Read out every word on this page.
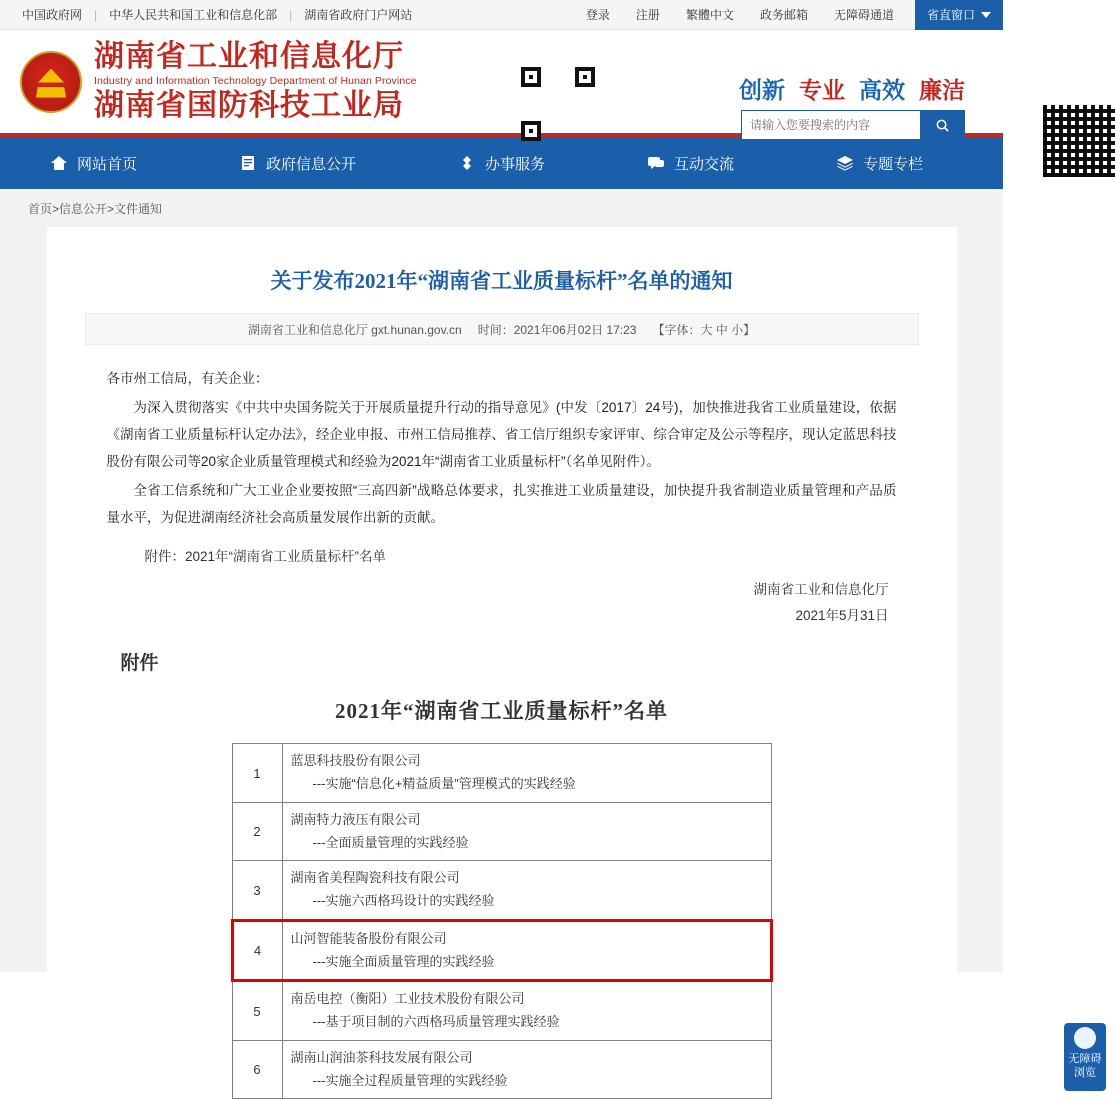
中国政府网	|	中华人民共和国工业和信息化部	|	湖南省政府门户网站	登录	注册	繁體中文	政务邮箱	无障碍通道	省直窗口
湖南省工业和信息化厅
Industry and Information Technology Department of Hunan Province
湖南省国防科技工业局	创新 专业 高效 廉洁
请输入您要搜索的内容
网站首页	政府信息公开	办事服务	互动交流	专题专栏
首页>信息公开>文件通知
关于发布2021年“湖南省工业质量标杆”名单的通知
湖南省工业和信息化厅 gxt.hunan.gov.cn 时间：2021年06月02日 17:23 【字体：大 中 小】

各市州工信局，有关企业：

为深入贯彻落实《中共中央国务院关于开展质量提升行动的指导意见》(中发〔2017〕24号)，加快推进我省工业质量建设，依据《湖南省工业质量标杆认定办法》，经企业申报、市州工信局推荐、省工信厅组织专家评审、综合审定及公示等程序，现认定蓝思科技股份有限公司等20家企业质量管理模式和经验为2021年“湖南省工业质量标杆”（名单见附件）。

全省工信系统和广大工业企业要按照“三高四新”战略总体要求，扎实推进工业质量建设，加快提升我省制造业质量管理和产品质量水平，为促进湖南经济社会高质量发展作出新的贡献。

附件：2021年“湖南省工业质量标杆”名单
湖南省工业和信息化厅
2021年5月31日
附件
2021年“湖南省工业质量标杆”名单
1	蓝思科技股份有限公司
---实施“信息化+精益质量”管理模式的实践经验

2	湖南特力液压有限公司
---全面质量管理的实践经验

3	湖南省美程陶瓷科技有限公司
---实施六西格玛设计的实践经验

4	山河智能装备股份有限公司
---实施全面质量管理的实践经验

5	南岳电控（衡阳）工业技术股份有限公司
---基于项目制的六西格玛质量管理实践经验

6	湖南山润油茶科技发展有限公司
---实施全过程质量管理的实践经验
无障碍浏览
